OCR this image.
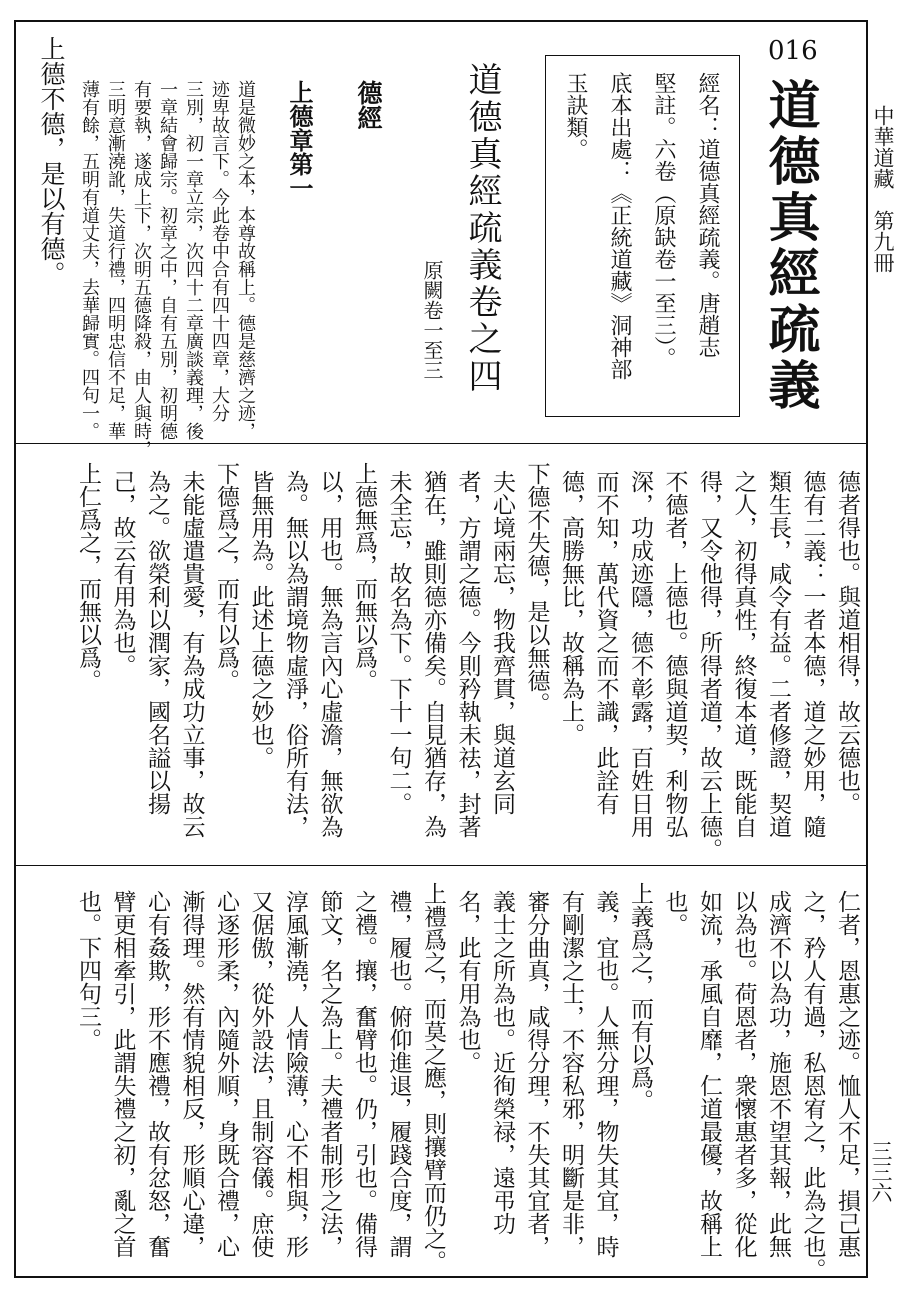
中華道藏　第九冊
三三六
016
道德真經疏義
經名：道德真經疏義。唐趙志
堅註。六卷（原缺卷一至三）。
底本出處：《正統道藏》洞神部
玉訣類。
道德真經疏義卷之四
原闕卷一至三
德經
上德章第一
道是微妙之本，本尊故稱上。德是慈濟之迹，
迹卑故言下。今此卷中合有四十四章，大分
三別，初一章立宗，次四十二章廣談義理，後
一章結會歸宗。初章之中，自有五別，初明德
有要執，遂成上下，次明五德降殺，由人與時，
三明意漸澆訛，失道行禮，四明忠信不足，華
薄有餘，五明有道丈夫，去華歸實。四句一。
上德不德，是以有德。
德者得也。與道相得，故云德也。
德有二義：一者本德，道之妙用，隨
類生長，咸令有益。二者修證，契道
之人，初得真性，終復本道，既能自
得，又令他得，所得者道，故云上德。
不德者，上德也。德與道契，利物弘
深，功成迹隱，德不彰露，百姓日用
而不知，萬代資之而不識，此詮有
德，高勝無比，故稱為上。
下德不失德，是以無德。
夫心境兩忘，物我齊貫，與道玄同
者，方謂之德。今則矜執未祛，封著
猶在，雖則德亦備矣。自見猶存，為
未全忘，故名為下。下十一句二。
上德無爲，而無以爲。
以，用也。無為言內心虛澹，無欲為
為。無以為謂境物虛淨，俗所有法，
皆無用為。此述上德之妙也。
下德爲之，而有以爲。
未能虛遣貴愛，有為成功立事，故云
為之。欲榮利以潤家，國名謚以揚
己，故云有用為也。
上仁爲之，而無以爲。
仁者，恩惠之迹。恤人不足，損己惠
之，矜人有過，私恩宥之，此為之也。
成濟不以為功，施恩不望其報，此無
以為也。荷恩者，衆懷惠者多，從化
如流，承風自靡，仁道最優，故稱上
也。
上義爲之，而有以爲。
義，宜也。人無分理，物失其宜，時
有剛潔之士，不容私邪，明斷是非，
審分曲真，咸得分理，不失其宜者，
義士之所為也。近徇榮禄，遠弔功
名，此有用為也。
上禮爲之，而莫之應，則攘臂而仍之。
禮，履也。俯仰進退，履踐合度，謂
之禮。攘，奮臂也。仍，引也。備得
節文，名之為上。夫禮者制形之法，
淳風漸澆，人情險薄，心不相與，形
又倨傲，從外設法，且制容儀。庶使
心逐形柔，內隨外順，身既合禮，心
漸得理。然有情貌相反，形順心違，
心有姦欺，形不應禮，故有忿怒，奮
臂更相牽引，此謂失禮之初，亂之首
也。下四句三。
